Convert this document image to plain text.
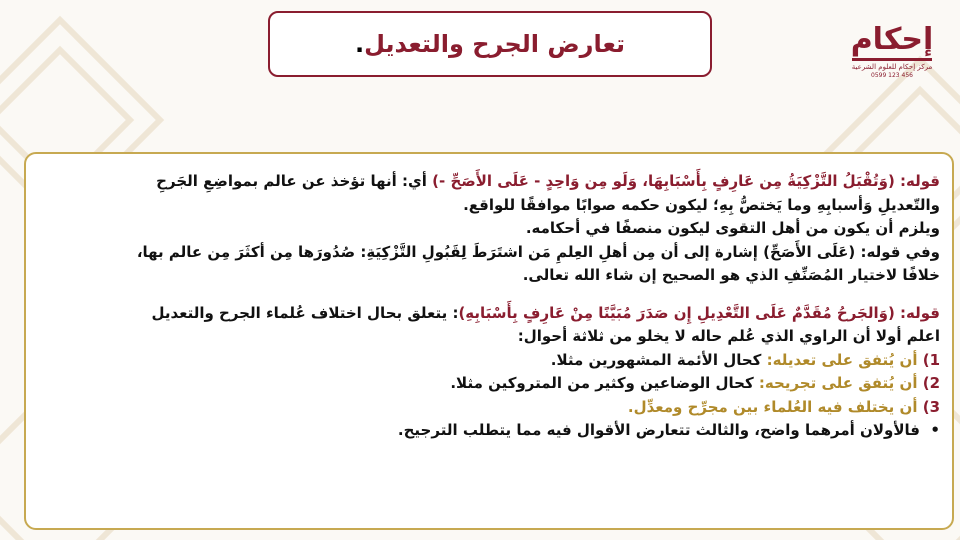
تعارض الجرح والتعديل.	إحكام
مركز إحكام للعلوم الشرعية
0599 123 456

قوله: (وَتُقْبَلُ التَّزْكِيَةُ مِن عَارِفٍ بِأَسْبَابِهَا، وَلَو مِن وَاحِدٍ - عَلَى الأَصَحِّ -) أي: أنها تؤخذ عن عالم بمواضِعِ الجَرحِ

والتّعديلِ وَأسبابِهِ وما يَختصُّ بِهِ؛ ليكون حكمه صوابًا موافقًا للواقع.

ويلزم أن يكون من أهل التقوى ليكون منصفًا في أحكامه.

وفي قوله: (عَلَى الأَصَحِّ) إشارة إلى أن مِن أهلِ العِلمِ مَن اشتَرَطَ لِقَبُولِ التَّزْكِيَةِ: صُدُورَها مِن أكثَرَ مِن عالم بها،

خلافًا لاختيار المُصَنِّفِ الذي هو الصحيح إن شاء الله تعالى.

قوله: (وَالجَرحُ مُقَدَّمٌ عَلَى التَّعْدِيلِ إِن صَدَرَ مُبَيَّنًا مِنْ عَارِفٍ بِأَسْبَابِهِ): يتعلق بحال اختلاف عُلماء الجرح والتعديل

اعلم أولا أن الراوي الذي عُلم حاله لا يخلو من ثلاثة أحوال:

1) أن يُتفق على تعديله: كحال الأئمة المشهورين مثلا.

2) أن يُتفق على تجريحه: كحال الوضاعين وكثير من المتروكين مثلا.

3) أن يختلف فيه العُلماء بين مجرِّح ومعدِّل.

•  فالأولان أمرهما واضح، والثالث تتعارض الأقوال فيه مما يتطلب الترجيح.
